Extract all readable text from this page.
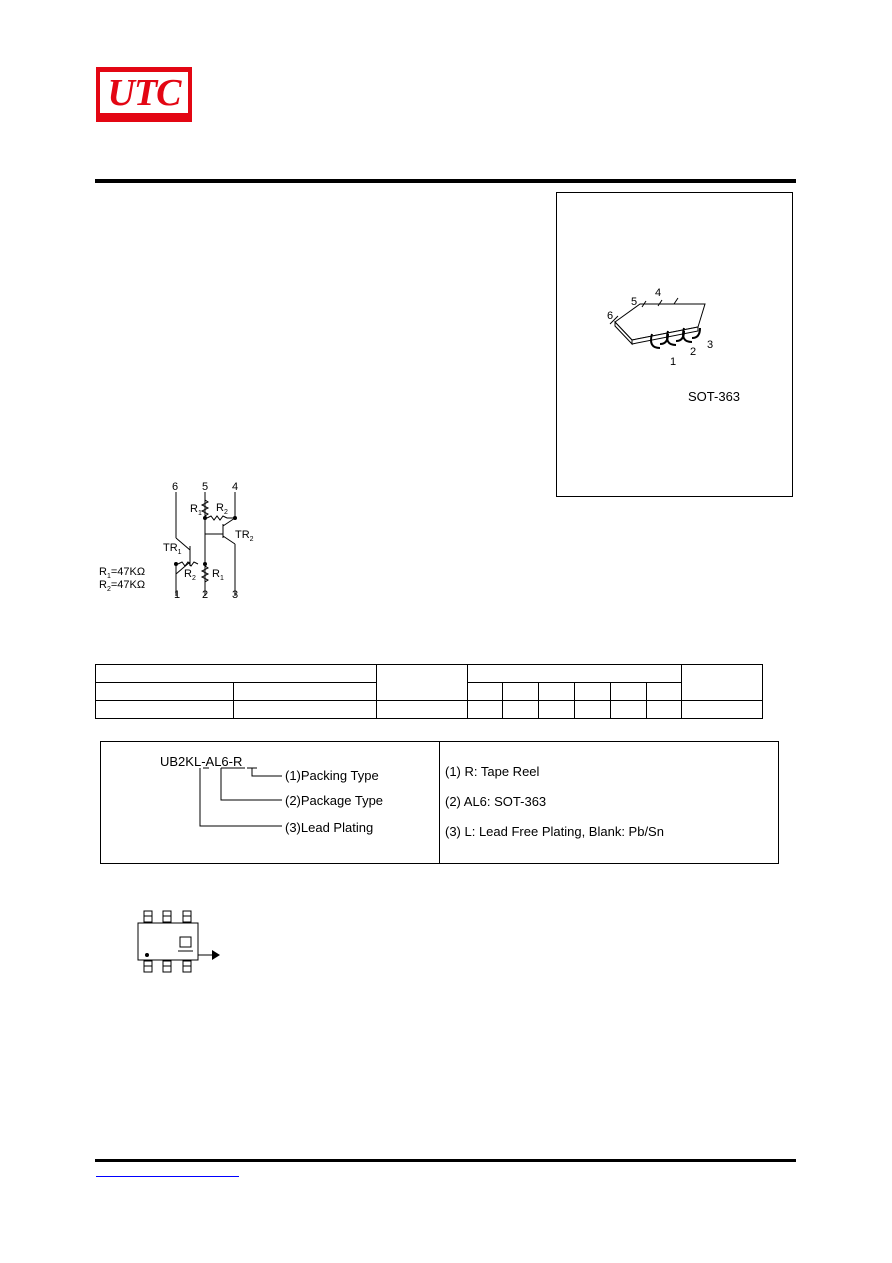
UTC
6
5
4
1
2
3
SOT-363
6 5 4
1 2 3
$R_1$ $R_2$
$TR_2$
$TR_1$
$R_2$ $R_1$
$R_1=47K\Omega$
$R_2=47K\Omega$

UB2KL-AL6-R
(1)Packing Type
(2)Package Type
(3)Lead Plating
(1) R: Tape Reel
(2) AL6: SOT-363
(3) L: Lead Free Plating, Blank: Pb/Sn
